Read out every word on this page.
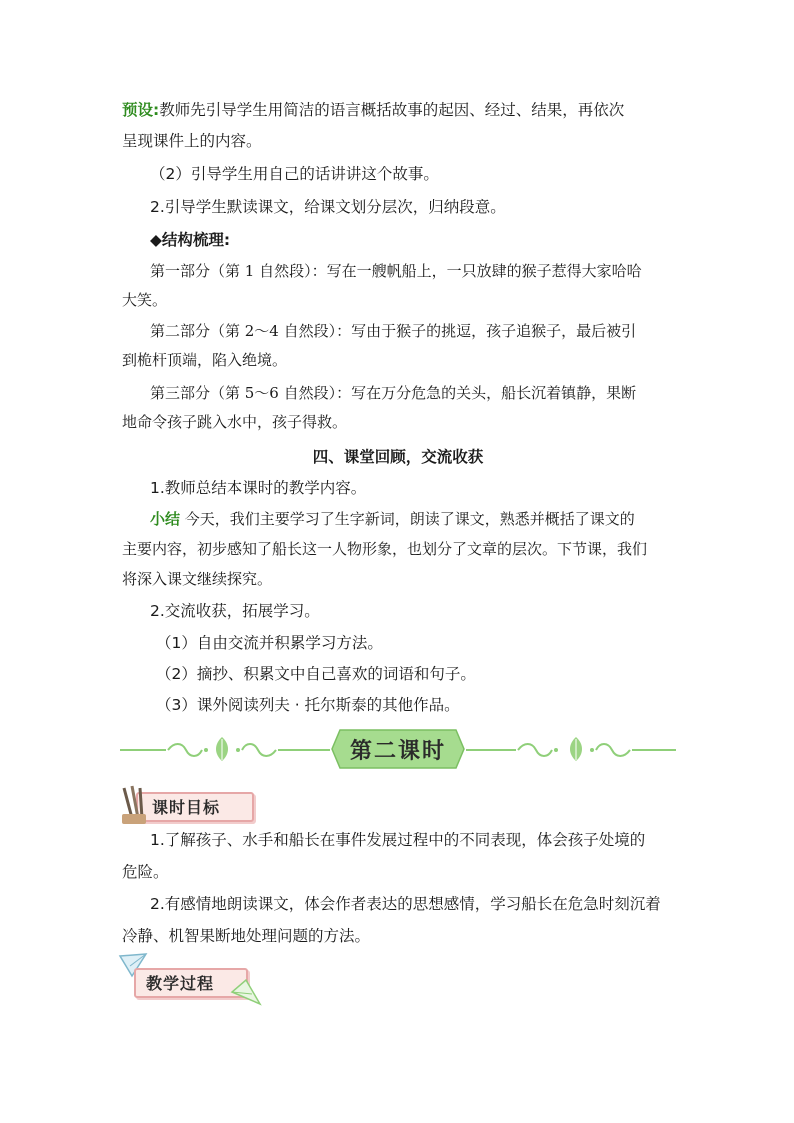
预设:教师先引导学生用简洁的语言概括故事的起因、经过、结果，再依次
呈现课件上的内容。
（2）引导学生用自己的话讲讲这个故事。
2.引导学生默读课文，给课文划分层次，归纳段意。
◆结构梳理:
第一部分（第 1 自然段）：写在一艘帆船上，一只放肆的猴子惹得大家哈哈
大笑。
第二部分（第 2～4 自然段）：写由于猴子的挑逗，孩子追猴子，最后被引
到桅杆顶端，陷入绝境。
第三部分（第 5～6 自然段）：写在万分危急的关头，船长沉着镇静，果断
地命令孩子跳入水中，孩子得救。
四、课堂回顾，交流收获
1.教师总结本课时的教学内容。
小结 今天，我们主要学习了生字新词，朗读了课文，熟悉并概括了课文的
主要内容，初步感知了船长这一人物形象，也划分了文章的层次。下节课，我们
将深入课文继续探究。
2.交流收获，拓展学习。
（1）自由交流并积累学习方法。
（2）摘抄、积累文中自己喜欢的词语和句子。
（3）课外阅读列夫 · 托尔斯泰的其他作品。
第二课时
课时目标
1.了解孩子、水手和船长在事件发展过程中的不同表现，体会孩子处境的
危险。
2.有感情地朗读课文，体会作者表达的思想感情，学习船长在危急时刻沉着
冷静、机智果断地处理问题的方法。
教学过程
